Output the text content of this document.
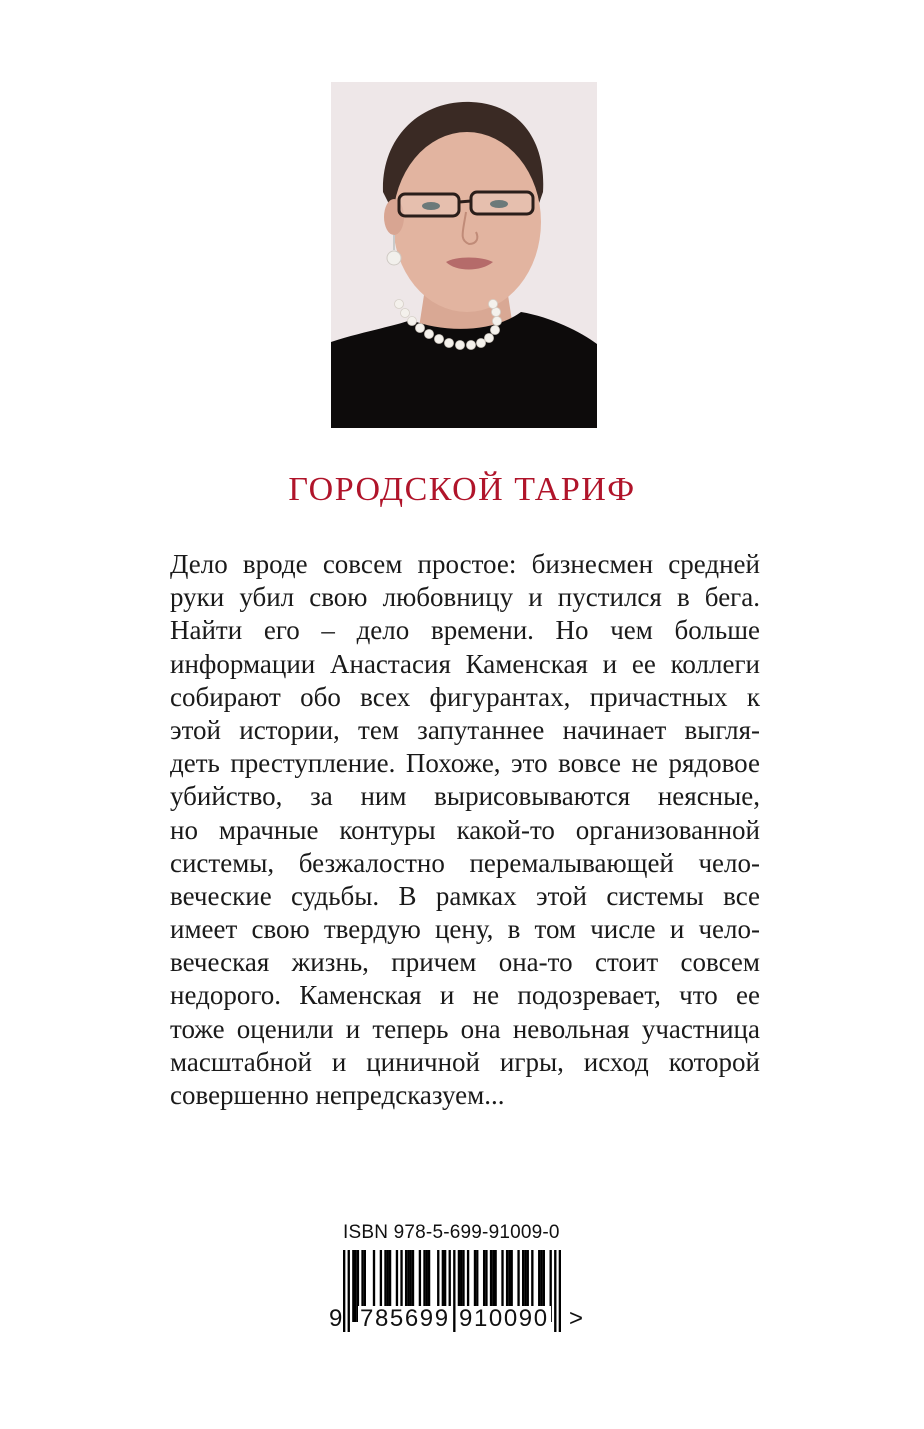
ГОРОДСКОЙ ТАРИФ
Дело вроде совсем простое: бизнесмен средней
руки убил свою любовницу и пустился в бега.
Найти его – дело времени. Но чем больше
информации Анастасия Каменская и ее коллеги
собирают обо всех фигурантах, причастных к
этой истории, тем запутаннее начинает выгля-
деть преступление. Похоже, это вовсе не рядовое
убийство, за ним вырисовываются неясные,
но мрачные контуры какой-то организованной
системы, безжалостно перемалывающей чело-
веческие судьбы. В рамках этой системы все
имеет свою твердую цену, в том числе и чело-
веческая жизнь, причем она-то стоит совсем
недорого. Каменская и не подозревает, что ее
тоже оценили и теперь она невольная участница
масштабной и циничной игры, исход которой
совершенно непредсказуем...
ISBN 978-5-699-91009-0
9 785699 910090 >
